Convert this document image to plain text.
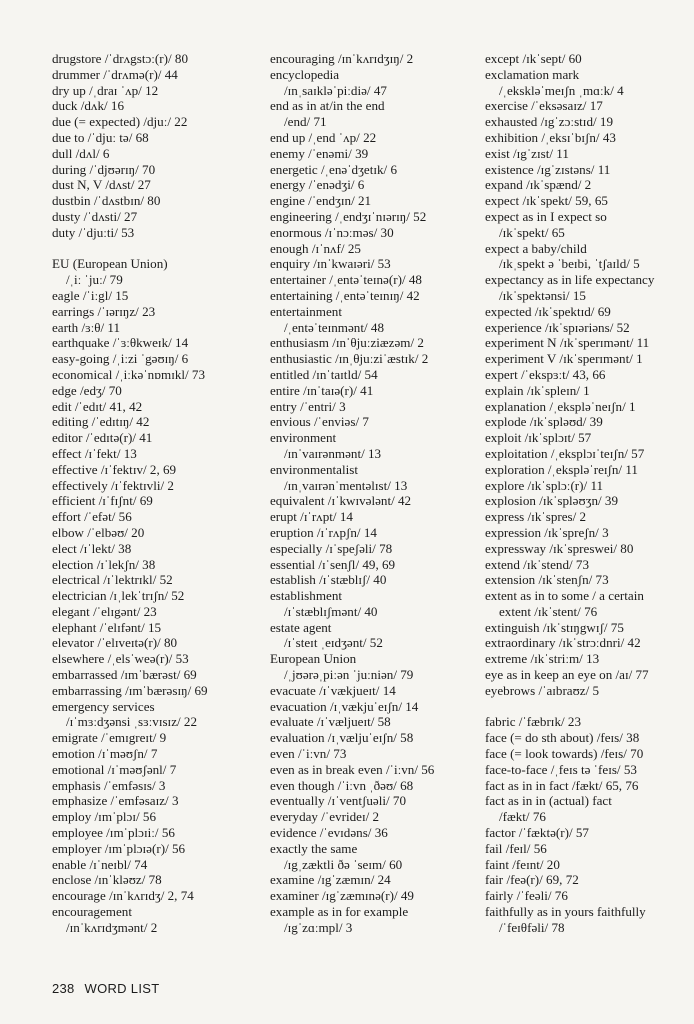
drugstore /ˈdrʌgstɔː(r)/ 80
drummer /ˈdrʌmə(r)/ 44
dry up /ˌdraɪ ˈʌp/ 12
duck /dʌk/ 16
due (= expected) /djuː/ 22
due to /ˈdjuː tə/ 68
dull /dʌl/ 6
during /ˈdjʊərɪŋ/ 70
dust N, V /dʌst/ 27
dustbin /ˈdʌstbɪn/ 80
dusty /ˈdʌsti/ 27
duty /ˈdjuːti/ 53
EU (European Union)
/ˌiː ˈjuː/ 79
eagle /ˈiːgl/ 15
earrings /ˈɪərɪŋz/ 23
earth /ɜːθ/ 11
earthquake /ˈɜːθkweɪk/ 14
easy-going /ˌiːzi ˈgəʊɪŋ/ 6
economical /ˌiːkəˈnɒmɪkl/ 73
edge /edʒ/ 70
edit /ˈedɪt/ 41, 42
editing /ˈedɪtɪŋ/ 42
editor /ˈedɪtə(r)/ 41
effect /ɪˈfekt/ 13
effective /ɪˈfektɪv/ 2, 69
effectively /ɪˈfektɪvli/ 2
efficient /ɪˈfɪʃnt/ 69
effort /ˈefət/ 56
elbow /ˈelbəʊ/ 20
elect /ɪˈlekt/ 38
election /ɪˈlekʃn/ 38
electrical /ɪˈlektrɪkl/ 52
electrician /ɪˌlekˈtrɪʃn/ 52
elegant /ˈelɪgənt/ 23
elephant /ˈelɪfənt/ 15
elevator /ˈelɪveɪtə(r)/ 80
elsewhere /ˌelsˈweə(r)/ 53
embarrassed /ɪmˈbærəst/ 69
embarrassing /ɪmˈbærəsɪŋ/ 69
emergency services
/ɪˈmɜːdʒənsi ˌsɜːvɪsɪz/ 22
emigrate /ˈemɪgreɪt/ 9
emotion /ɪˈməʊʃn/ 7
emotional /ɪˈməʊʃənl/ 7
emphasis /ˈemfəsɪs/ 3
emphasize /ˈemfəsaɪz/ 3
employ /ɪmˈplɔɪ/ 56
employee /ɪmˈplɔɪiː/ 56
employer /ɪmˈplɔɪə(r)/ 56
enable /ɪˈneɪbl/ 74
enclose /ɪnˈkləʊz/ 78
encourage /ɪnˈkʌrɪdʒ/ 2, 74
encouragement
/ɪnˈkʌrɪdʒmənt/ 2
encouraging /ɪnˈkʌrɪdʒɪŋ/ 2
encyclopedia
/ɪnˌsaɪkləˈpiːdiə/ 47
end as in at/in the end
/end/ 71
end up /ˌend ˈʌp/ 22
enemy /ˈenəmi/ 39
energetic /ˌenəˈdʒetɪk/ 6
energy /ˈenədʒi/ 6
engine /ˈendʒɪn/ 21
engineering /ˌendʒɪˈnɪərɪŋ/ 52
enormous /ɪˈnɔːməs/ 30
enough /ɪˈnʌf/ 25
enquiry /ɪnˈkwaɪəri/ 53
entertainer /ˌentəˈteɪnə(r)/ 48
entertaining /ˌentəˈteɪnɪŋ/ 42
entertainment
/ˌentəˈteɪnmənt/ 48
enthusiasm /ɪnˈθjuːziæzəm/ 2
enthusiastic /ɪnˌθjuːziˈæstɪk/ 2
entitled /ɪnˈtaɪtld/ 54
entire /ɪnˈtaɪə(r)/ 41
entry /ˈentri/ 3
envious /ˈenviəs/ 7
environment
/ɪnˈvaɪrənmənt/ 13
environmentalist
/ɪnˌvaɪrənˈmentəlɪst/ 13
equivalent /ɪˈkwɪvələnt/ 42
erupt /ɪˈrʌpt/ 14
eruption /ɪˈrʌpʃn/ 14
especially /ɪˈspeʃəli/ 78
essential /ɪˈsenʃl/ 49, 69
establish /ɪˈstæblɪʃ/ 40
establishment
/ɪˈstæblɪʃmənt/ 40
estate agent
/ɪˈsteɪt ˌeɪdʒənt/ 52
European Union
/ˌjʊərəˌpiːən ˈjuːniən/ 79
evacuate /ɪˈvækjueɪt/ 14
evacuation /ɪˌvækjuˈeɪʃn/ 14
evaluate /ɪˈvæljueɪt/ 58
evaluation /ɪˌvæljuˈeɪʃn/ 58
even /ˈiːvn/ 73
even as in break even /ˈiːvn/ 56
even though /ˈiːvn ˌðəʊ/ 68
eventually /ɪˈventʃuəli/ 70
everyday /ˈevrideɪ/ 2
evidence /ˈevɪdəns/ 36
exactly the same
/ɪgˌzæktli ðə ˈseɪm/ 60
examine /ɪgˈzæmɪn/ 24
examiner /ɪgˈzæmɪnə(r)/ 49
example as in for example
/ɪgˈzɑːmpl/ 3
except /ɪkˈsept/ 60
exclamation mark
/ˌekskləˈmeɪʃn ˌmɑːk/ 4
exercise /ˈeksəsaɪz/ 17
exhausted /ɪgˈzɔːstɪd/ 19
exhibition /ˌeksɪˈbɪʃn/ 43
exist /ɪgˈzɪst/ 11
existence /ɪgˈzɪstəns/ 11
expand /ɪkˈspænd/ 2
expect /ɪkˈspekt/ 59, 65
expect as in I expect so
/ɪkˈspekt/ 65
expect a baby/child
/ɪkˌspekt ə ˈbeɪbi, ˈtʃaɪld/ 5
expectancy as in life expectancy
/ɪkˈspektənsi/ 15
expected /ɪkˈspektɪd/ 69
experience /ɪkˈspɪəriəns/ 52
experiment N /ɪkˈsperɪmənt/ 11
experiment V /ɪkˈsperɪmənt/ 1
expert /ˈekspɜːt/ 43, 66
explain /ɪkˈspleɪn/ 1
explanation /ˌekspləˈneɪʃn/ 1
explode /ɪkˈspləʊd/ 39
exploit /ɪkˈsplɔɪt/ 57
exploitation /ˌeksplɔɪˈteɪʃn/ 57
exploration /ˌekspləˈreɪʃn/ 11
explore /ɪkˈsplɔː(r)/ 11
explosion /ɪkˈspləʊʒn/ 39
express /ɪkˈspres/ 2
expression /ɪkˈspreʃn/ 3
expressway /ɪkˈspreswei/ 80
extend /ɪkˈstend/ 73
extension /ɪkˈstenʃn/ 73
extent as in to some / a certain
extent /ɪkˈstent/ 76
extinguish /ɪkˈstɪŋgwɪʃ/ 75
extraordinary /ɪkˈstrɔːdnri/ 42
extreme /ɪkˈstriːm/ 13
eye as in keep an eye on /aɪ/ 77
eyebrows /ˈaɪbraʊz/ 5
fabric /ˈfæbrɪk/ 23
face (= do sth about) /feɪs/ 38
face (= look towards) /feɪs/ 70
face-to-face /ˌfeɪs tə ˈfeɪs/ 53
fact as in in fact /fækt/ 65, 76
fact as in in (actual) fact
/fækt/ 76
factor /ˈfæktə(r)/ 57
fail /feɪl/ 56
faint /feɪnt/ 20
fair /feə(r)/ 69, 72
fairly /ˈfeəli/ 76
faithfully as in yours faithfully
/ˈfeɪθfəli/ 78
238 WORD LIST
